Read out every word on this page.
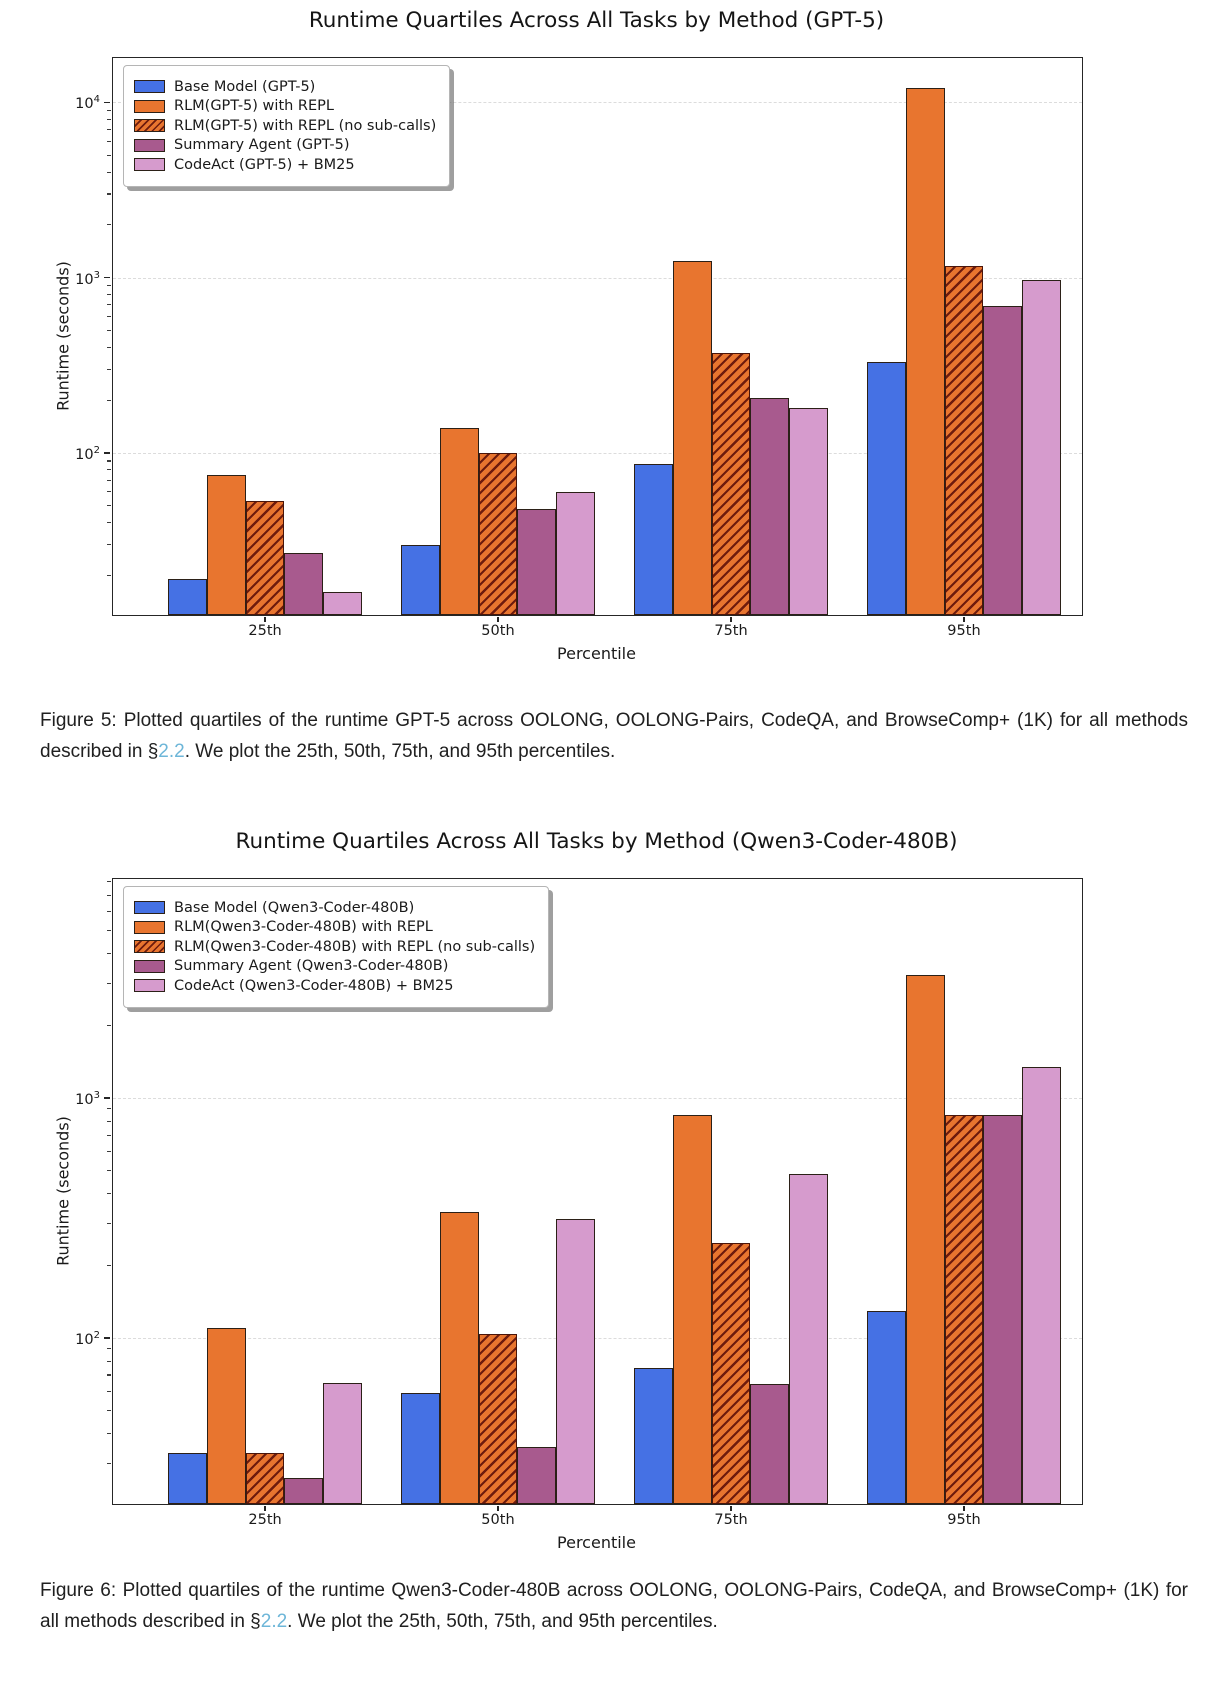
Runtime Quartiles Across All Tasks by Method (GPT-5)
Runtime (seconds)
$10^2$
$10^3$
$10^4$
25th	50th	75th	95th
Base Model (GPT-5)
RLM(GPT-5) with REPL
RLM(GPT-5) with REPL (no sub-calls)
Summary Agent (GPT-5)
CodeAct (GPT-5) + BM25
Percentile

Figure 5: Plotted quartiles of the runtime GPT-5 across OOLONG, OOLONG-Pairs, CodeQA, and BrowseComp+ (1K) for all methods described in §2.2. We plot the 25th, 50th, 75th, and 95th percentiles.

Runtime Quartiles Across All Tasks by Method (Qwen3-Coder-480B)
Runtime (seconds)
$10^2$
$10^3$
25th	50th	75th	95th
Base Model (Qwen3-Coder-480B)
RLM(Qwen3-Coder-480B) with REPL
RLM(Qwen3-Coder-480B) with REPL (no sub-calls)
Summary Agent (Qwen3-Coder-480B)
CodeAct (Qwen3-Coder-480B) + BM25
Percentile

Figure 6: Plotted quartiles of the runtime Qwen3-Coder-480B across OOLONG, OOLONG-Pairs, CodeQA, and BrowseComp+ (1K) for all methods described in §2.2. We plot the 25th, 50th, 75th, and 95th percentiles.
